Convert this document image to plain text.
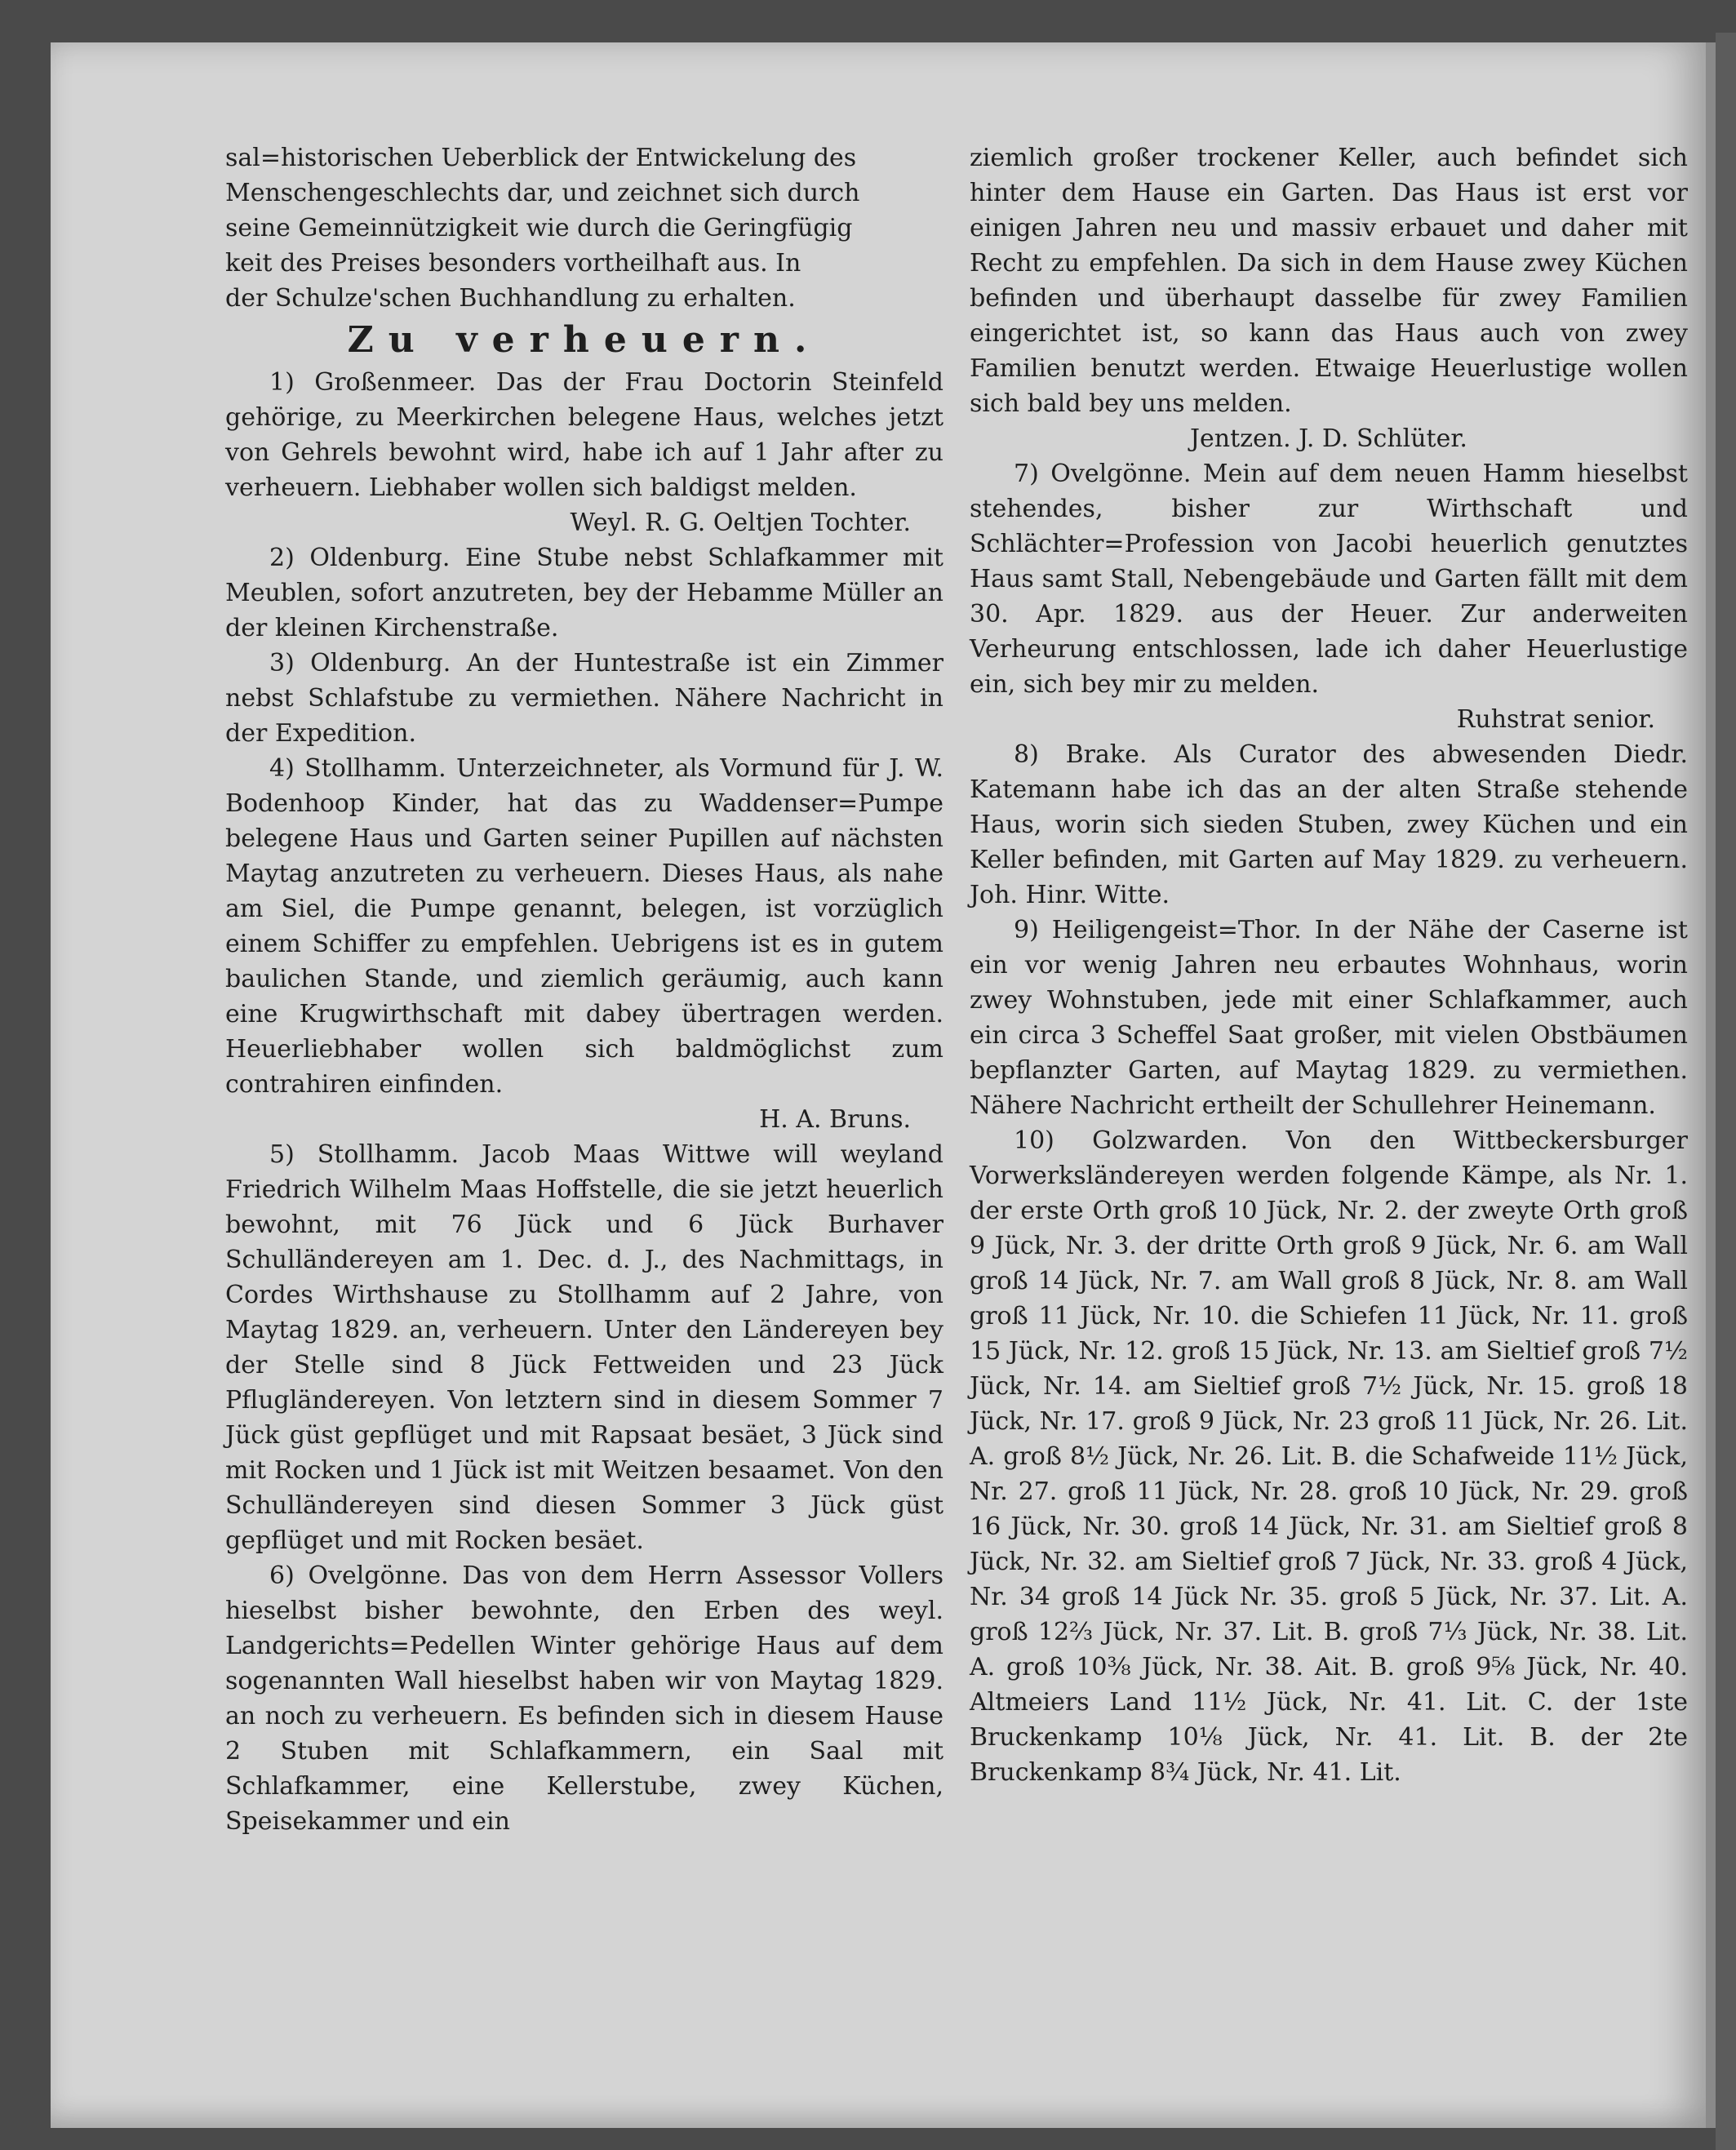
sal=historischen Ueberblick der Entwickelung des

Menschengeschlechts dar, und zeichnet sich durch

seine Gemeinnützigkeit wie durch die Geringfügig

keit des Preises besonders vortheilhaft aus. In

der Schulze'schen Buchhandlung zu erhalten.

Zu verheuern.

1) Großenmeer. Das der Frau Doctorin Steinfeld gehörige, zu Meerkirchen belegene Haus, welches jetzt von Gehrels bewohnt wird, habe ich auf 1 Jahr after zu verheuern. Liebhaber wollen sich baldigst melden.

Weyl. R. G. Oeltjen Tochter.

2) Oldenburg. Eine Stube nebst Schlafkammer mit Meublen, sofort anzutreten, bey der Hebamme Müller an der kleinen Kirchenstraße.

3) Oldenburg. An der Huntestraße ist ein Zimmer nebst Schlafstube zu vermiethen. Nähere Nachricht in der Expedition.

4) Stollhamm. Unterzeichneter, als Vormund für J. W. Bodenhoop Kinder, hat das zu Waddenser=Pumpe belegene Haus und Garten seiner Pupillen auf nächsten Maytag anzutreten zu verheuern. Dieses Haus, als nahe am Siel, die Pumpe genannt, belegen, ist vorzüglich einem Schiffer zu empfehlen. Uebrigens ist es in gutem baulichen Stande, und ziemlich geräumig, auch kann eine Krugwirthschaft mit dabey übertragen werden. Heuerliebhaber wollen sich baldmöglichst zum contrahiren einfinden.

H. A. Bruns.

5) Stollhamm. Jacob Maas Wittwe will weyland Friedrich Wilhelm Maas Hoffstelle, die sie jetzt heuerlich bewohnt, mit 76 Jück und 6 Jück Burhaver Schulländereyen am 1. Dec. d. J., des Nachmittags, in Cordes Wirthshause zu Stollhamm auf 2 Jahre, von Maytag 1829. an, verheuern. Unter den Ländereyen bey der Stelle sind 8 Jück Fettweiden und 23 Jück Pflugländereyen. Von letztern sind in diesem Sommer 7 Jück güst gepflüget und mit Rapsaat besäet, 3 Jück sind mit Rocken und 1 Jück ist mit Weitzen besaamet. Von den Schulländereyen sind diesen Sommer 3 Jück güst gepflüget und mit Rocken besäet.

6) Ovelgönne. Das von dem Herrn Assessor Vollers hieselbst bisher bewohnte, den Erben des weyl. Landgerichts=Pedellen Winter gehörige Haus auf dem sogenannten Wall hieselbst haben wir von Maytag 1829. an noch zu verheuern. Es befinden sich in diesem Hause 2 Stuben mit Schlafkammern, ein Saal mit Schlafkammer, eine Kellerstube, zwey Küchen, Speisekammer und ein

ziemlich großer trockener Keller, auch befindet sich hinter dem Hause ein Garten. Das Haus ist erst vor einigen Jahren neu und massiv erbauet und daher mit Recht zu empfehlen. Da sich in dem Hause zwey Küchen befinden und überhaupt dasselbe für zwey Familien eingerichtet ist, so kann das Haus auch von zwey Familien benutzt werden. Etwaige Heuerlustige wollen sich bald bey uns melden.

Jentzen. J. D. Schlüter.

7) Ovelgönne. Mein auf dem neuen Hamm hieselbst stehendes, bisher zur Wirthschaft und Schlächter=Profession von Jacobi heuerlich genutztes Haus samt Stall, Nebengebäude und Garten fällt mit dem 30. Apr. 1829. aus der Heuer. Zur anderweiten Verheurung entschlossen, lade ich daher Heuerlustige ein, sich bey mir zu melden.

Ruhstrat senior.

8) Brake. Als Curator des abwesenden Diedr. Katemann habe ich das an der alten Straße stehende Haus, worin sich sieden Stuben, zwey Küchen und ein Keller befinden, mit Garten auf May 1829. zu verheuern. Joh. Hinr. Witte.

9) Heiligengeist=Thor. In der Nähe der Caserne ist ein vor wenig Jahren neu erbautes Wohnhaus, worin zwey Wohnstuben, jede mit einer Schlafkammer, auch ein circa 3 Scheffel Saat großer, mit vielen Obstbäumen bepflanzter Garten, auf Maytag 1829. zu vermiethen. Nähere Nachricht ertheilt der Schullehrer Heinemann.

10) Golzwarden. Von den Wittbeckersburger Vorwerksländereyen werden folgende Kämpe, als Nr. 1. der erste Orth groß 10 Jück, Nr. 2. der zweyte Orth groß 9 Jück, Nr. 3. der dritte Orth groß 9 Jück, Nr. 6. am Wall groß 14 Jück, Nr. 7. am Wall groß 8 Jück, Nr. 8. am Wall groß 11 Jück, Nr. 10. die Schiefen 11 Jück, Nr. 11. groß 15 Jück, Nr. 12. groß 15 Jück, Nr. 13. am Sieltief groß 7½ Jück, Nr. 14. am Sieltief groß 7½ Jück, Nr. 15. groß 18 Jück, Nr. 17. groß 9 Jück, Nr. 23 groß 11 Jück, Nr. 26. Lit. A. groß 8½ Jück, Nr. 26. Lit. B. die Schafweide 11½ Jück, Nr. 27. groß 11 Jück, Nr. 28. groß 10 Jück, Nr. 29. groß 16 Jück, Nr. 30. groß 14 Jück, Nr. 31. am Sieltief groß 8 Jück, Nr. 32. am Sieltief groß 7 Jück, Nr. 33. groß 4 Jück, Nr. 34 groß 14 Jück Nr. 35. groß 5 Jück, Nr. 37. Lit. A. groß 12⅔ Jück, Nr. 37. Lit. B. groß 7⅓ Jück, Nr. 38. Lit. A. groß 10⅜ Jück, Nr. 38. Ait. B. groß 9⅝ Jück, Nr. 40. Altmeiers Land 11½ Jück, Nr. 41. Lit. C. der 1ste Bruckenkamp 10⅛ Jück, Nr. 41. Lit. B. der 2te Bruckenkamp 8¾ Jück, Nr. 41. Lit.
